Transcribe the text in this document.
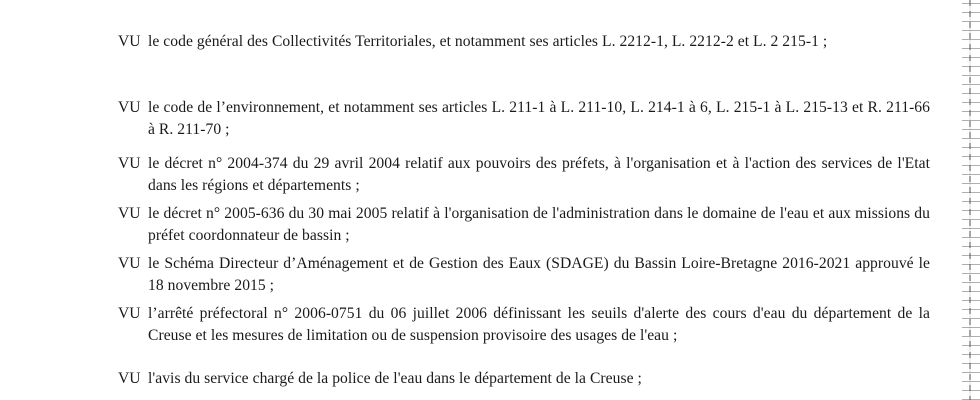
VU le code général des Collectivités Territoriales, et notamment ses articles L. 2212-1, L. 2212-2 et L. 2 215-1 ;
VU le code de l’environnement, et notamment ses articles L. 211-1 à L. 211-10, L. 214-1 à 6, L. 215-1 à L. 215-13 et R. 211-66 à R. 211-70 ;
VU le décret n° 2004-374 du 29 avril 2004 relatif aux pouvoirs des préfets, à l'organisation et à l'action des services de l'Etat dans les régions et départements ;
VU le décret n° 2005-636 du 30 mai 2005 relatif à l'organisation de l'administration dans le domaine de l'eau et aux missions du préfet coordonnateur de bassin ;
VU le Schéma Directeur d’Aménagement et de Gestion des Eaux (SDAGE) du Bassin Loire-Bretagne 2016-2021 approuvé le 18 novembre 2015 ;
VU l’arrêté préfectoral n° 2006-0751 du 06 juillet 2006 définissant les seuils d'alerte des cours d'eau du département de la Creuse et les mesures de limitation ou de suspension provisoire des usages de l'eau ;
VU l'avis du service chargé de la police de l'eau dans le département de la Creuse ;
